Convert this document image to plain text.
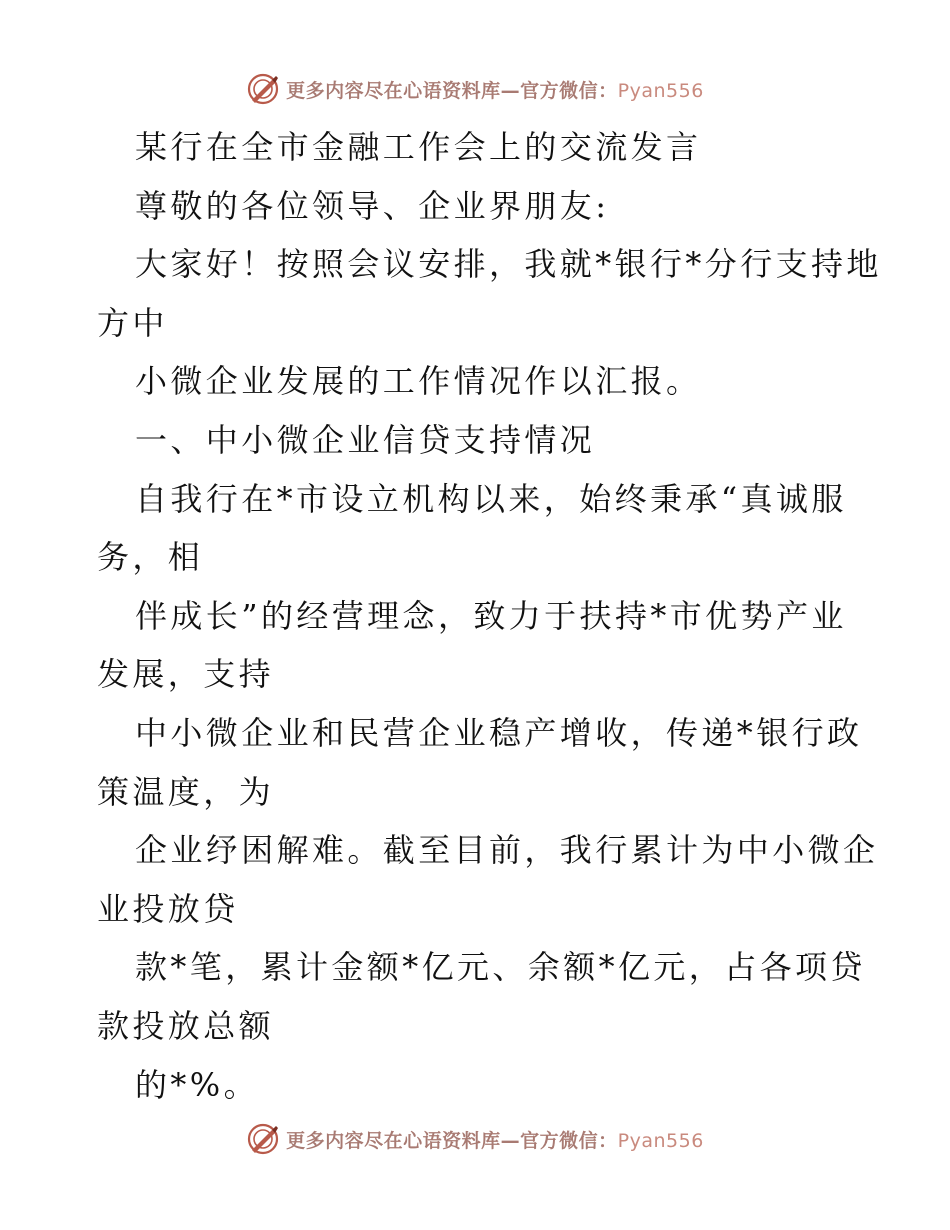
更多内容尽在心语资料库—官方微信：Pyan556
某行在全市金融工作会上的交流发言
尊敬的各位领导、企业界朋友:
大家好！按照会议安排，我就*银行*分行支持地
方中
小微企业发展的工作情况作以汇报。
一、中小微企业信贷支持情况
自我行在*市设立机构以来，始终秉承“真诚服
务，相
伴成长”的经营理念，致力于扶持*市优势产业
发展，支持
中小微企业和民营企业稳产增收，传递*银行政
策温度，为
企业纾困解难。截至目前，我行累计为中小微企
业投放贷
款*笔，累计金额*亿元、余额*亿元，占各项贷
款投放总额
的*%。
更多内容尽在心语资料库—官方微信：Pyan556
